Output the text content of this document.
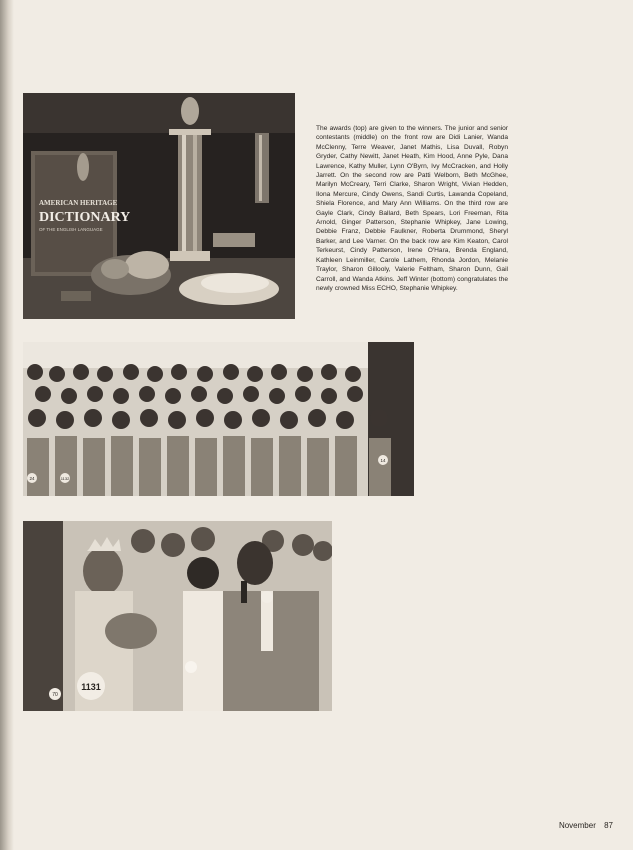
AMERICAN HERITAGE
DICTIONARY
OF THE ENGLISH LANGUAGE

The awards (top) are given to the winners. The junior and senior contestants (middle) on the front row are Didi Lanier, Wanda McClenny, Terre Weaver, Janet Mathis, Lisa Duvall, Robyn Gryder, Cathy Newitt, Janet Heath, Kim Hood, Anne Pyle, Dana Lawrence, Kathy Muller, Lynn O'Byrn, Ivy McCracken, and Holly Jarrett. On the second row are Patti Welborn, Beth McGhee, Marilyn McCreary, Terri Clarke, Sharon Wright, Vivian Hedden, Ilona Mercure, Cindy Owens, Sandi Curtis, Lawanda Copeland, Shiela Florence, and Mary Ann Williams. On the third row are Gayle Clark, Cindy Ballard, Beth Spears, Lori Freeman, Rita Arnold, Ginger Patterson, Stephanie Whipkey, Jane Lowing, Debbie Franz, Debbie Faulkner, Roberta Drummond, Sheryl Barker, and Lee Varner. On the back row are Kim Keaton, Carol Terkeurst, Cindy Patterson, Irene O'Hara, Brenda England, Kathleen Leinmiller, Carole Lathem, Rhonda Jordon, Melanie Traylor, Sharon Gillooly, Valerie Feltham, Sharon Dunn, Gail Carroll, and Wanda Atkins. Jeff Winter (bottom) congratulates the newly crowned Miss ECHO, Stephanie Whipkey.

24	1132
14
1131
70
November 87
